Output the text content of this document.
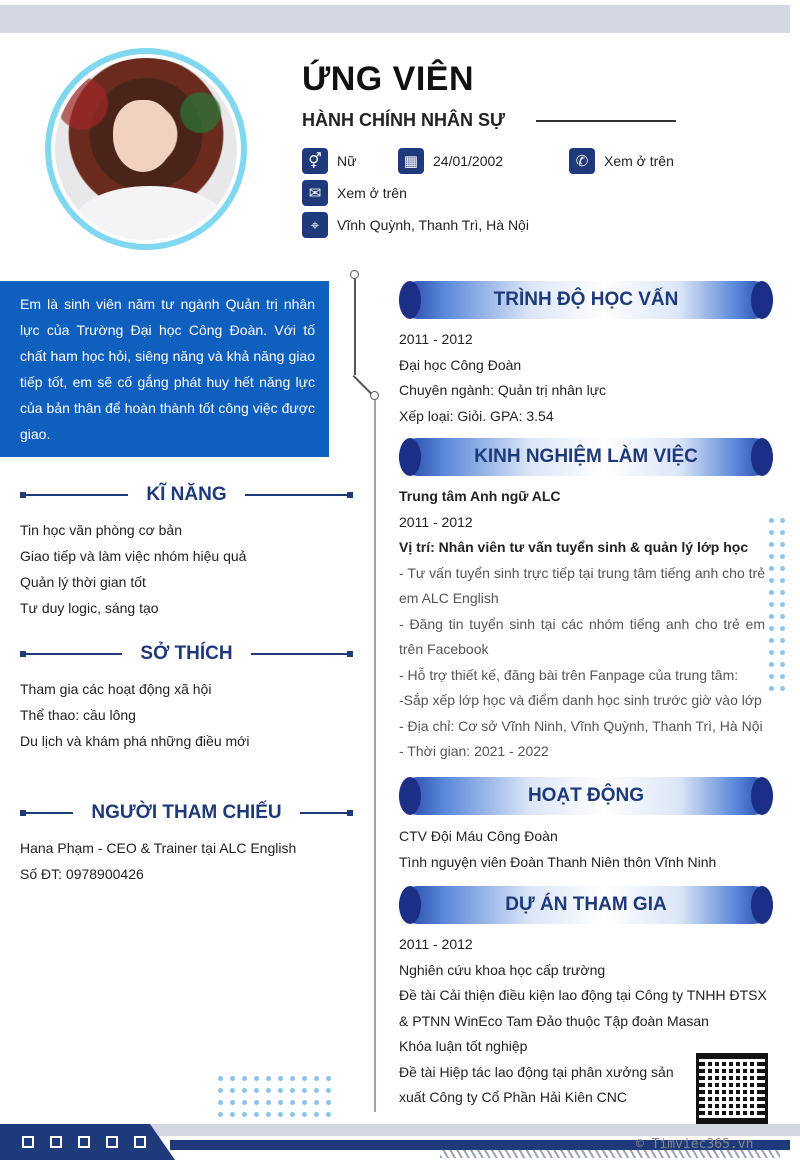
ỨNG VIÊN
HÀNH CHÍNH NHÂN SỰ
⚥	Nữ	▦	24/01/2002	✆	Xem ở trên
✉	Xem ở trên
⌖	Vĩnh Quỳnh, Thanh Trì, Hà Nội
Em là sinh viên năm tư ngành Quản trị nhân lực của Trường Đại học Công Đoàn. Với tố chất ham học hỏi, siêng năng và khả năng giao tiếp tốt, em sẽ cố gắng phát huy hết năng lực của bản thân để hoàn thành tốt công việc được giao.
KĨ NĂNG
Tin học văn phòng cơ bản
Giao tiếp và làm việc nhóm hiệu quả
Quản lý thời gian tốt
Tư duy logic, sáng tạo
SỞ THÍCH
Tham gia các hoạt động xã hội
Thể thao: cầu lông
Du lịch và khám phá những điều mới
NGƯỜI THAM CHIẾU
Hana Phạm - CEO & Trainer tại ALC English
Số ĐT: 0978900426
TRÌNH ĐỘ HỌC VẤN
2011 - 2012
Đại học Công Đoàn
Chuyên ngành: Quản trị nhân lực
Xếp loại: Giỏi. GPA: 3.54
KINH NGHIỆM LÀM VIỆC
Trung tâm Anh ngữ ALC
2011 - 2012
Vị trí: Nhân viên tư vấn tuyển sinh & quản lý lớp học
- Tư vấn tuyển sinh trực tiếp tại trung tâm tiếng anh cho trẻ em ALC English
- Đăng tin tuyển sinh tại các nhóm tiếng anh cho trẻ em trên Facebook
- Hỗ trợ thiết kế, đăng bài trên Fanpage của trung tâm:
-Sắp xếp lớp học và điểm danh học sinh trước giờ vào lớp
- Địa chỉ: Cơ sở Vĩnh Ninh, Vĩnh Quỳnh, Thanh Trì, Hà Nội
- Thời gian: 2021 - 2022
HOẠT ĐỘNG
CTV Đội Máu Công Đoàn
Tình nguyện viên Đoàn Thanh Niên thôn Vĩnh Ninh
DỰ ÁN THAM GIA
2011 - 2012
Nghiên cứu khoa học cấp trường
Đề tài Cải thiện điều kiện lao động tại Công ty TNHH ĐTSX & PTNN WinEco Tam Đảo thuộc Tập đoàn Masan
Khóa luận tốt nghiệp
Đề tài Hiệp tác lao động tại phân xưởng sản xuất Công ty Cổ Phần Hải Kiên CNC
© Timviec365.vn
